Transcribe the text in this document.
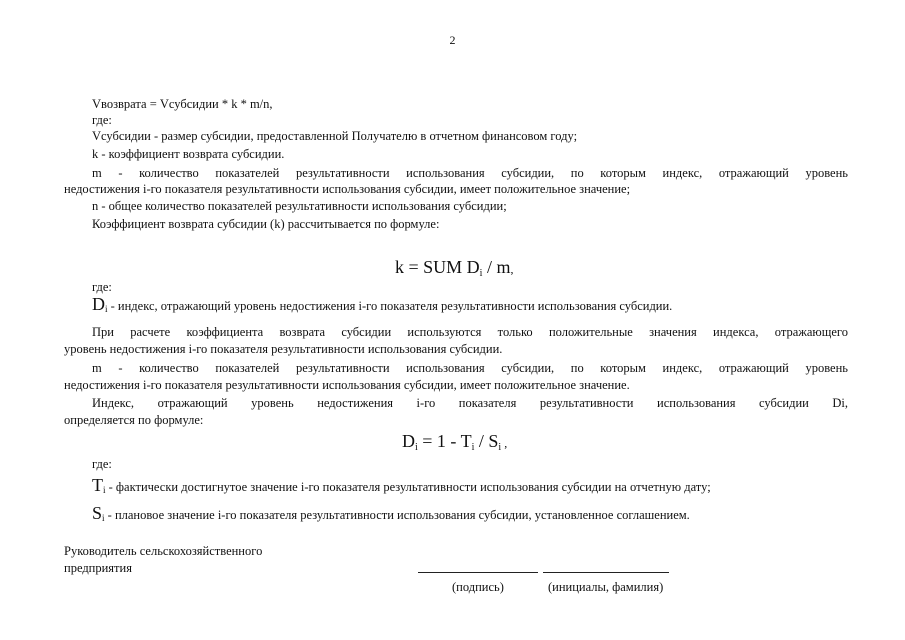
2
Vвозврата = Vсубсидии * k * m/n,
где:
Vсубсидии - размер субсидии, предоставленной Получателю в отчетном финансовом году;
k - коэффициент возврата субсидии.
m - количество показателей результативности использования субсидии, по которым индекс, отражающий уровень
недостижения i-го показателя результативности использования субсидии, имеет положительное значение;
n - общее количество показателей результативности использования субсидии;
Коэффициент возврата субсидии (k) рассчитывается по формуле:
k = SUM $D_i$ / m,
где:
$D_i$ - индекс, отражающий уровень недостижения i-го показателя результативности использования субсидии.
При расчете коэффициента возврата субсидии используются только положительные значения индекса, отражающего
уровень недостижения i-го показателя результативности использования субсидии.
m - количество показателей результативности использования субсидии, по которым индекс, отражающий уровень
недостижения i-го показателя результативности использования субсидии, имеет положительное значение.
Индекс, отражающий уровень недостижения i-го показателя результативности использования субсидии Di,
определяется по формуле:
$D_i = 1 - T_i / S_i$ ,
где:
$T_i$ - фактически достигнутое значение i-го показателя результативности использования субсидии на отчетную дату;
$S_i$ - плановое значение i-го показателя результативности использования субсидии, установленное соглашением.
Руководитель сельскохозяйственного
предприятия
(подпись)	(инициалы, фамилия)
